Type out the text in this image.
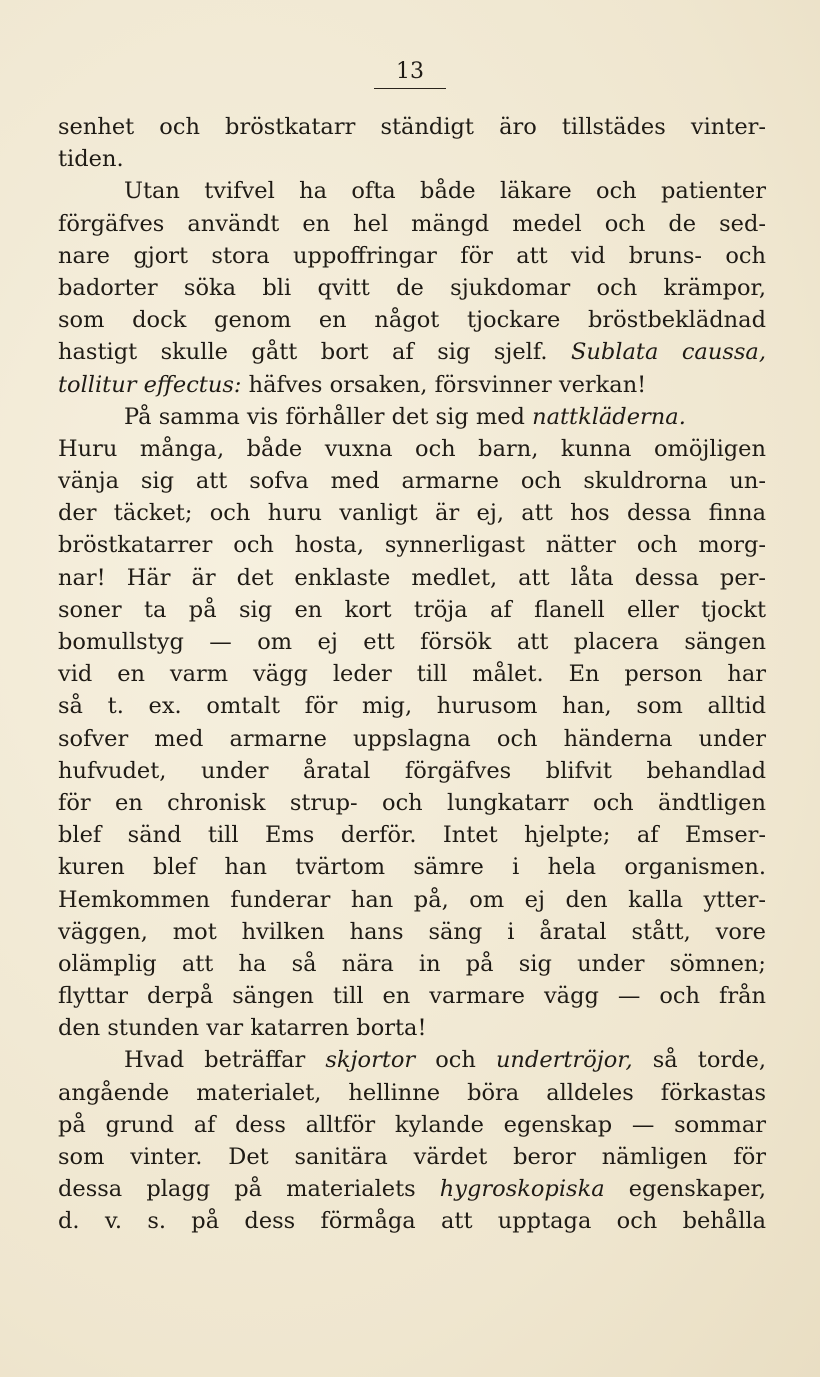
13
senhet och bröstkatarr ständigt äro tillstädes vinter-
tiden.
Utan tvifvel ha ofta både läkare och patienter
förgäfves användt en hel mängd medel och de sed-
nare gjort stora uppoffringar för att vid bruns- och
badorter söka bli qvitt de sjukdomar och krämpor,
som dock genom en något tjockare bröstbeklädnad
hastigt skulle gått bort af sig sjelf. Sublata caussa,
tollitur effectus: häfves orsaken, försvinner verkan!
På samma vis förhåller det sig med nattkläderna.
Huru många, både vuxna och barn, kunna omöjligen
vänja sig att sofva med armarne och skuldrorna un-
der täcket; och huru vanligt är ej, att hos dessa finna
bröstkatarrer och hosta, synnerligast nätter och morg-
nar! Här är det enklaste medlet, att låta dessa per-
soner ta på sig en kort tröja af flanell eller tjockt
bomullstyg — om ej ett försök att placera sängen
vid en varm vägg leder till målet. En person har
så t. ex. omtalt för mig, hurusom han, som alltid
sofver med armarne uppslagna och händerna under
hufvudet, under åratal förgäfves blifvit behandlad
för en chronisk strup- och lungkatarr och ändtligen
blef sänd till Ems derför. Intet hjelpte; af Emser-
kuren blef han tvärtom sämre i hela organismen.
Hemkommen funderar han på, om ej den kalla ytter-
väggen, mot hvilken hans säng i åratal stått, vore
olämplig att ha så nära in på sig under sömnen;
flyttar derpå sängen till en varmare vägg — och från
den stunden var katarren borta!
Hvad beträffar skjortor och undertröjor, så torde,
angående materialet, hellinne böra alldeles förkastas
på grund af dess alltför kylande egenskap — sommar
som vinter. Det sanitära värdet beror nämligen för
dessa plagg på materialets hygroskopiska egenskaper,
d. v. s. på dess förmåga att upptaga och behålla
